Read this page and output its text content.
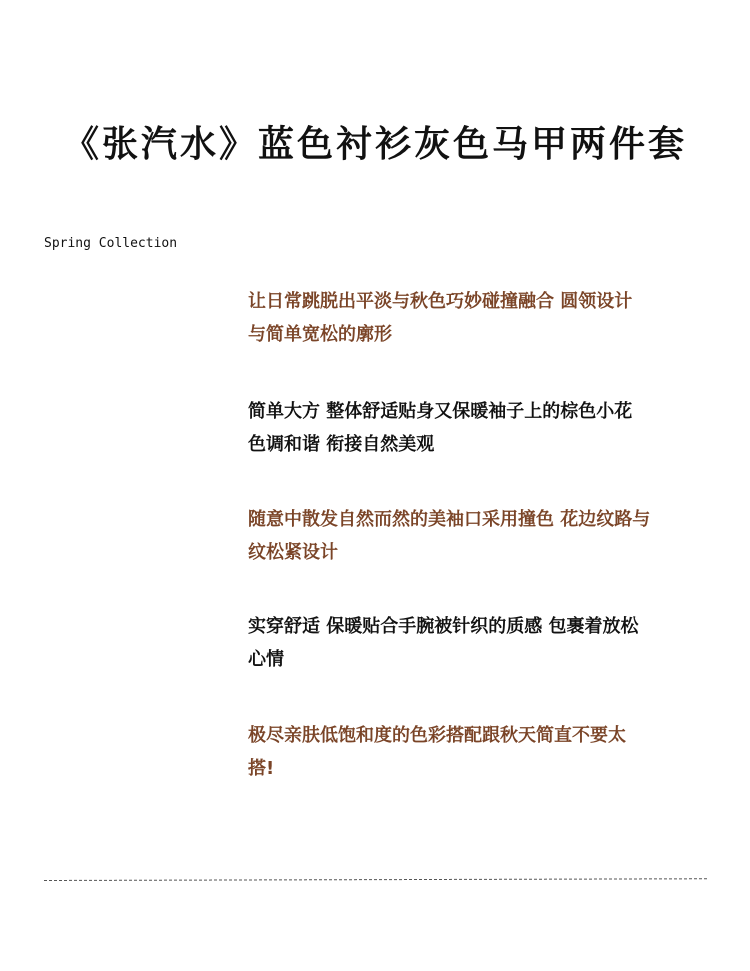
《张汽水》蓝色衬衫灰色马甲两件套

Spring Collection

让日常跳脱出平淡与秋色巧妙碰撞融合 圆领设计
与简单宽松的廓形
简单大方 整体舒适贴身又保暖袖子上的棕色小花
色调和谐 衔接自然美观
随意中散发自然而然的美袖口采用撞色 花边纹路与
纹松紧设计
实穿舒适 保暖贴合手腕被针织的质感 包裹着放松
心情
极尽亲肤低饱和度的色彩搭配跟秋天简直不要太
搭!
